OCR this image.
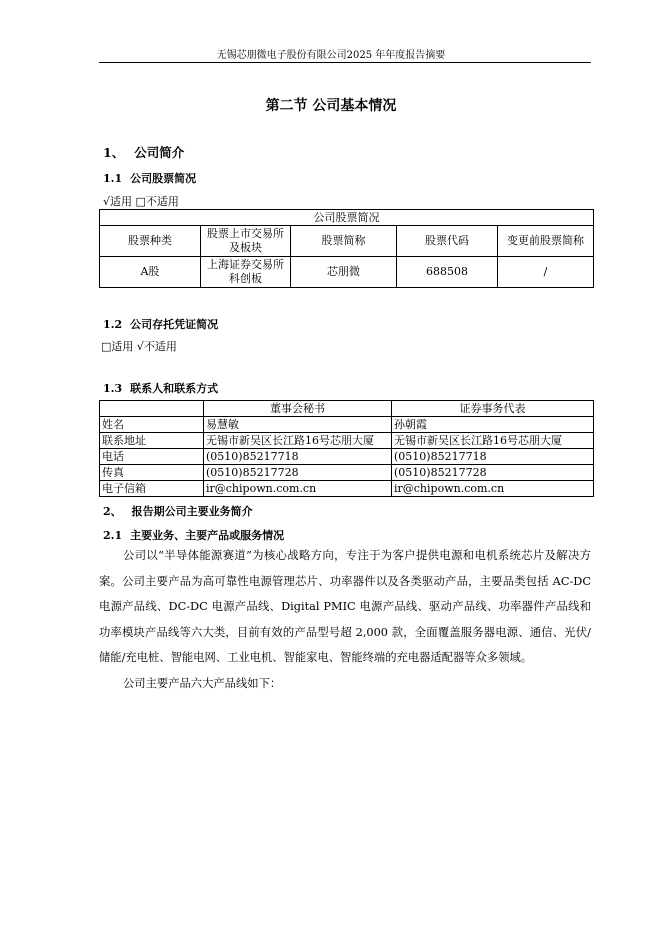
无锡芯朋微电子股份有限公司2025 年年度报告摘要
第二节 公司基本情况
1、 公司简介
1.1 公司股票简况
√适用 □不适用
公司股票简况				
股票种类	股票上市交易所及板块	股票简称	股票代码	变更前股票简称
A股	上海证券交易所科创板	芯朋微	688508	/
1.2 公司存托凭证简况
□适用 √不适用
1.3 联系人和联系方式
	董事会秘书	证券事务代表
姓名	易慧敏	孙朝霞
联系地址	无锡市新吴区长江路16号芯朋大厦	无锡市新吴区长江路16号芯朋大厦
电话	(0510)85217718	(0510)85217718
传真	(0510)85217728	(0510)85217728
电子信箱	ir@chipown.com.cn	ir@chipown.com.cn
2、 报告期公司主要业务简介
2.1 主要业务、主要产品或服务情况

公司以“半导体能源赛道”为核心战略方向，专注于为客户提供电源和电机系统芯片及解决方案。公司主要产品为高可靠性电源管理芯片、功率器件以及各类驱动产品，主要品类包括 AC-DC 电源产品线、DC-DC 电源产品线、Digital PMIC 电源产品线、驱动产品线、功率器件产品线和功率模块产品线等六大类，目前有效的产品型号超 2,000 款，全面覆盖服务器电源、通信、光伏/储能/充电桩、智能电网、工业电机、智能家电、智能终端的充电器适配器等众多领域。

公司主要产品六大产品线如下：
